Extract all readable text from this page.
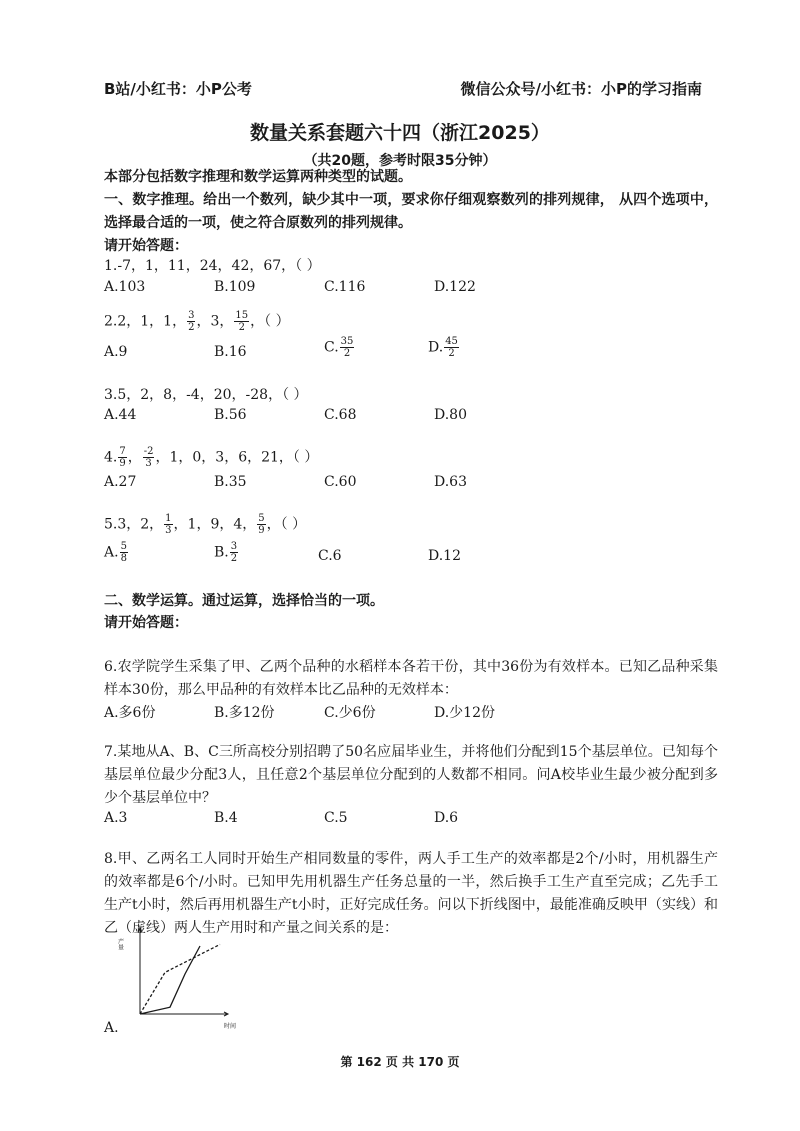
B站/小红书：小P公考	微信公众号/小红书：小P的学习指南
数量关系套题六十四（浙江2025）
（共20题，参考时限35分钟）
本部分包括数字推理和数学运算两种类型的试题。
一、数字推理。给出一个数列，缺少其中一项，要求你仔细观察数列的排列规律， 从四个选项中，选择最合适的一项，使之符合原数列的排列规律。
请开始答题：
1.-7，1，11，24，42，67，（ ）
A.103	B.109	C.116	D.122
2.2，1，1， $\frac{3}{2}$ ，3， $\frac{15}{2}$ ，（ ）
A.9	B.16	C. $\frac{35}{2}$	D. $\frac{45}{2}$
3.5，2，8，-4，20，-28，（ ）
A.44	B.56	C.68	D.80
4. $\frac{7}{9}$ ， $\frac{-2}{3}$ ，1，0，3，6，21，（ ）
A.27	B.35	C.60	D.63
5.3，2， $\frac{1}{3}$ ，1，9，4， $\frac{5}{9}$ ，（ ）
A. $\frac{5}{8}$	B. $\frac{3}{2}$	C.6	D.12
二、数学运算。通过运算，选择恰当的一项。
请开始答题：
6.农学院学生采集了甲、乙两个品种的水稻样本各若干份，其中36份为有效样本。已知乙品种采集样本30份，那么甲品种的有效样本比乙品种的无效样本：
A.多6份	B.多12份	C.少6份	D.少12份
7.某地从A、B、C三所高校分别招聘了50名应届毕业生，并将他们分配到15个基层单位。已知每个基层单位最少分配3人，且任意2个基层单位分配到的人数都不相同。问A校毕业生最少被分配到多少个基层单位中？
A.3	B.4	C.5	D.6
8.甲、乙两名工人同时开始生产相同数量的零件，两人手工生产的效率都是2个/小时，用机器生产的效率都是6个/小时。已知甲先用机器生产任务总量的一半，然后换手工生产直至完成；乙先手工生产t小时，然后再用机器生产t小时，正好完成任务。问以下折线图中，最能准确反映甲（实线）和乙（虚线）两人生产用时和产量之间关系的是：
产量
时间
A.
第 162 页 共 170 页
